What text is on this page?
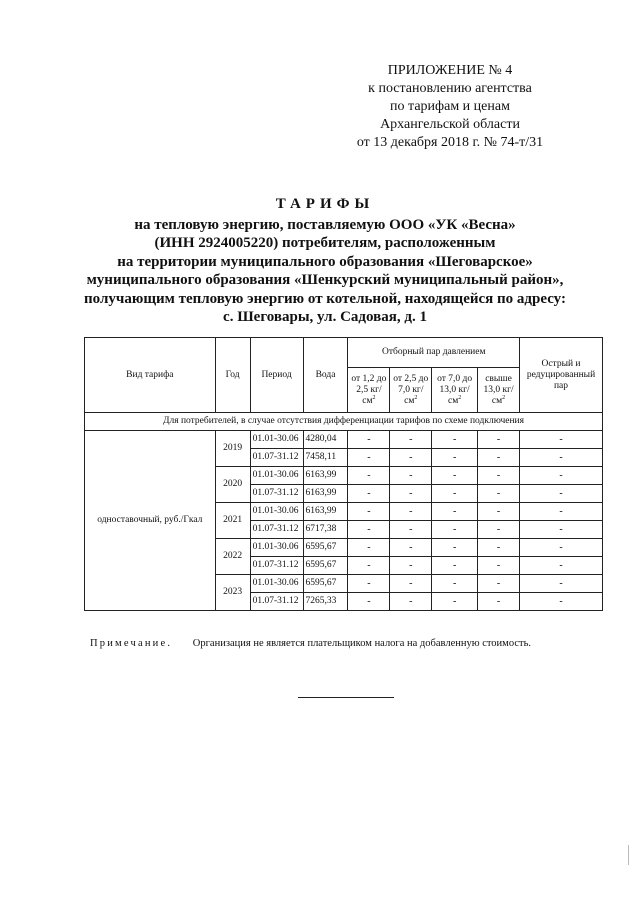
ПРИЛОЖЕНИЕ № 4
к постановлению агентства
по тарифам и ценам
Архангельской области
от 13 декабря 2018 г. № 74-т/31
ТАРИФЫ
на тепловую энергию, поставляемую ООО «УК «Весна»
(ИНН 2924005220) потребителям, расположенным
на территории муниципального образования «Шеговарское»
муниципального образования «Шенкурский муниципальный район»,
получающим тепловую энергию от котельной, находящейся по адресу:
с. Шеговары, ул. Садовая, д. 1
Вид тарифа	Год	Период	Вода	Отборный пар давлением				Острый и редуцированный пар
				от 1,2 до 2,5 $кг/см^2$	от 2,5 до 7,0 $кг/см^2$	от 7,0 до 13,0 $кг/см^2$	свыше 13,0 $кг/см^2$
Для потребителей, в случае отсутствия дифференциации тарифов по схеме подключения								
одноставочный, руб./Гкал	2019	01.01-30.06	4280,04	-	-	-	-	-
		01.07-31.12	7458,11	-	-	-	-	-
	2020	01.01-30.06	6163,99	-	-	-	-	-
		01.07-31.12	6163,99	-	-	-	-	-
	2021	01.01-30.06	6163,99	-	-	-	-	-
		01.07-31.12	6717,38	-	-	-	-	-
	2022	01.01-30.06	6595,67	-	-	-	-	-
		01.07-31.12	6595,67	-	-	-	-	-
	2023	01.01-30.06	6595,67	-	-	-	-	-
		01.07-31.12	7265,33	-	-	-	-	-
Примечание. Организация не является плательщиком налога на добавленную стоимость.
